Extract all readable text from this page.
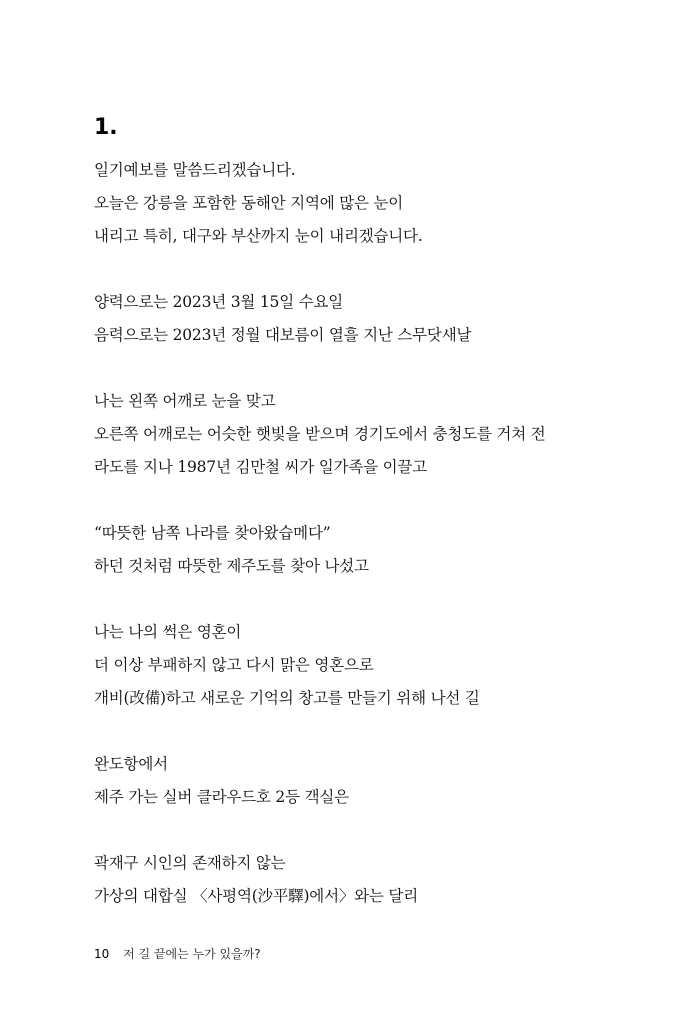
1.
일기예보를 말씀드리겠습니다.
오늘은 강릉을 포함한 동해안 지역에 많은 눈이
내리고 특히, 대구와 부산까지 눈이 내리겠습니다.
양력으로는 2023년 3월 15일 수요일
음력으로는 2023년 정월 대보름이 열흘 지난 스무닷새날
나는 왼쪽 어깨로 눈을 맞고
오른쪽 어깨로는 어슷한 햇빛을 받으며 경기도에서 충청도를 거쳐 전
라도를 지나 1987년 김만철 씨가 일가족을 이끌고
“따뜻한 남쪽 나라를 찾아왔습메다”
하던 것처럼 따뜻한 제주도를 찾아 나섰고
나는 나의 썩은 영혼이
더 이상 부패하지 않고 다시 맑은 영혼으로
개비(改備)하고 새로운 기억의 창고를 만들기 위해 나선 길
완도항에서
제주 가는 실버 클라우드호 2등 객실은
곽재구 시인의 존재하지 않는
가상의 대합실 〈사평역(沙平驛)에서〉와는 달리
10 저 길 끝에는 누가 있을까?
